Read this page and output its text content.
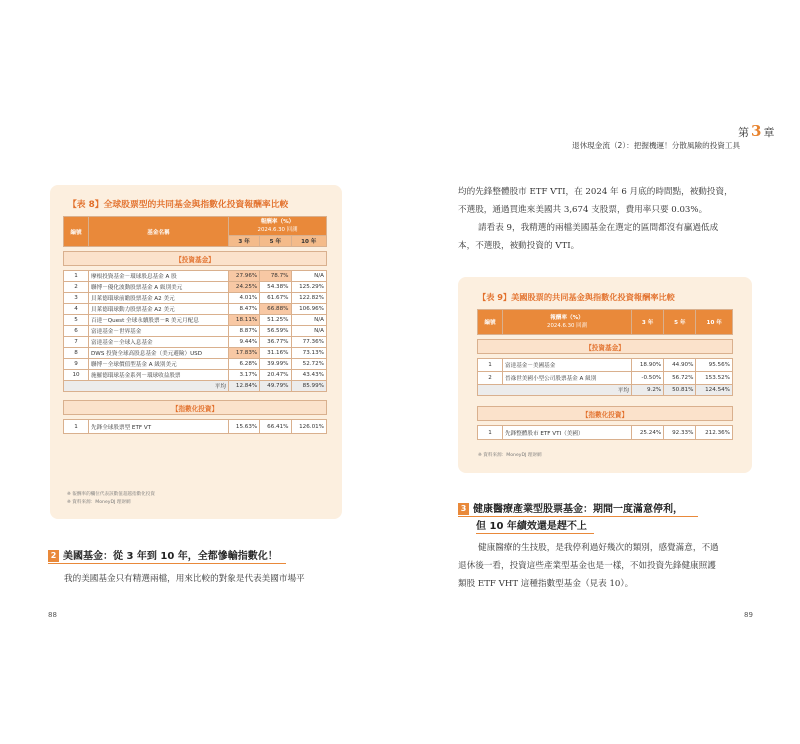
第 3 章
退休現金流（2）：把握機運！分散風險的投資工具
【表 8】全球股票型的共同基金與指數化投資報酬率比較
編號	基金名稱	報酬率（%）
2024.6.30 回測		

		3 年	5 年	10 年

【投資基金】				

1	摩根投資基金－環球股息基金 A 股	27.96%	78.7%	N/A
2	聯博－優化波動股票基金 A 級別美元	24.25%	54.38%	125.29%
3	貝萊德環球前瞻股票基金 A2 美元	4.01%	61.67%	122.82%
4	貝萊德環球動力股票基金 A2 美元	8.47%	66.88%	106.96%
5	百達－Quest 全球永續股票－R 美元月配息	18.11%	51.25%	N/A
6	富達基金－世界基金	8.87%	56.59%	N/A
7	富達基金－全球入息基金	9.44%	36.77%	77.36%
8	DWS 投資全球高股息基金（美元避險）USD	17.83%	31.16%	73.13%
9	聯博－全球價值型基金 A 級別美元	6.28%	39.99%	52.72%
10	施羅德環球基金系列－環球收益股票	3.17%	20.47%	43.43%
平均		12.84%	49.79%	85.99%

【指數化投資】				

1	先鋒全球股票型 ETF VT	15.63%	66.41%	126.01%
※ 報酬率的欄位代表該數值超越指數化投資
※ 資料來源：MoneyDJ 理財網
2 美國基金：從 3 年到 10 年，全都慘輸指數化！
我的美國基金只有精選兩檔，用來比較的對象是代表美國市場平
88
均的先鋒整體股市 ETF VTI，在 2024 年 6 月底的時間點，被動投資，
不選股，通過買進來美國共 3,674 支股票，費用率只要 0.03%。
請看表 9，我精選的兩檔美國基金在選定的區間都沒有贏過低成
本，不選股，被動投資的 VTI。
【表 9】美國股票的共同基金與指數化投資報酬率比較
編號	報酬率（%）
2024.6.30 回測	3 年	5 年	10 年

【投資基金】				

1	富達基金－美國基金	18.90%	44.90%	95.56%
2	晉祿世美國小型公司股票基金 A 級別	-0.50%	56.72%	153.52%
平均		9.2%	50.81%	124.54%

【指數化投資】				

1	先鋒整體股市 ETF VTI（美國）	25.24%	92.33%	212.36%
※ 資料來源：MoneyDJ 理財網
3 健康醫療產業型股票基金：期間一度滿意停利，
但 10 年績效還是趕不上
健康醫療的生技股，是我停利過好幾次的類別，感覺滿意，不過
退休後一看，投資這些產業型基金也是一樣，不如投資先鋒健康照護
類股 ETF VHT 這種指數型基金（見表 10）。
89
